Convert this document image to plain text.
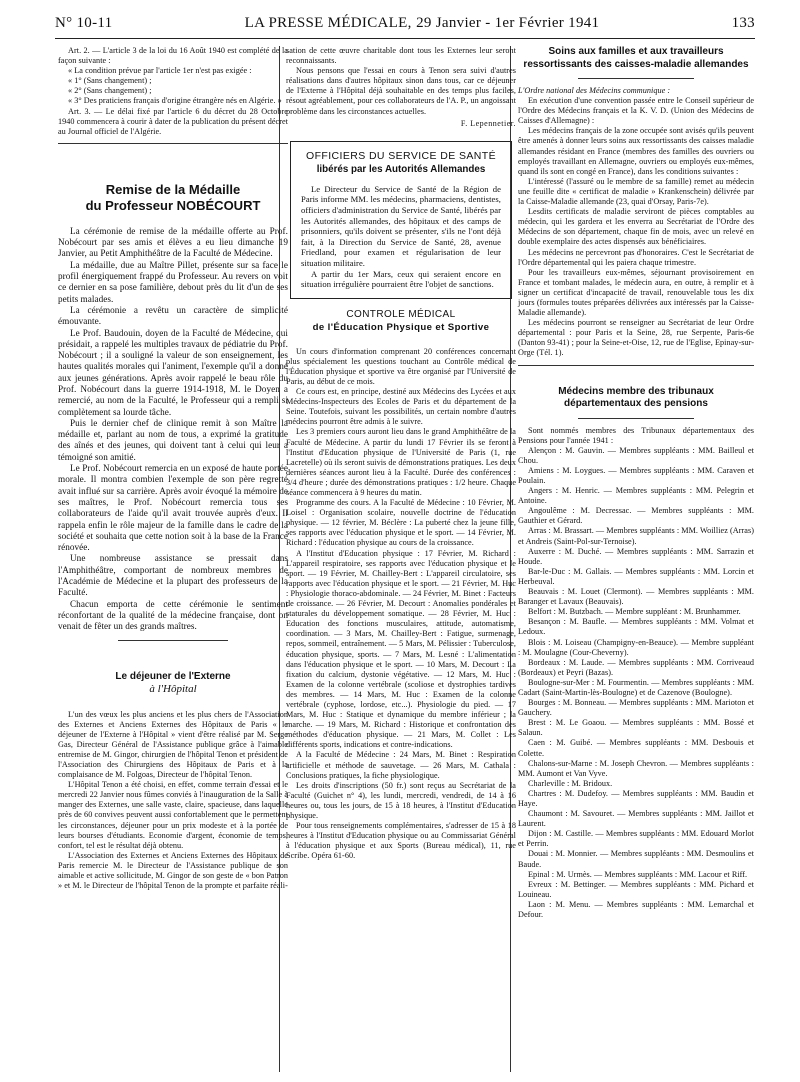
N° 10-11	LA PRESSE MÉDICALE, 29 Janvier - 1er Février 1941	133

Art. 2. — L'article 3 de la loi du 16 Août 1940 est complété de la façon suivante :

« La condition prévue par l'article 1er n'est pas exigée :

« 1° (Sans changement) ;

« 2° (Sans changement) ;

« 3° Des praticiens français d'origine étrangère nés en Algérie. »

Art. 3. — Le délai fixé par l'article 6 du décret du 28 Octobre 1940 commencera à courir à dater de la publication du présent décret au Journal officiel de l'Algérie.

Remise de la Médaille
du Professeur NOBÉCOURT

La cérémonie de remise de la médaille offerte au Prof. Nobécourt par ses amis et élèves a eu lieu dimanche 19 Janvier, au Petit Amphithéâtre de la Faculté de Médecine.

La médaille, due au Maître Pillet, présente sur sa face le profil énergiquement frappé du Professeur. Au revers on voit ce dernier en sa pose familière, debout près du lit d'un de ses petits malades.

La cérémonie a revêtu un caractère de simplicité émouvante.

Le Prof. Baudouin, doyen de la Faculté de Médecine, qui présidait, a rappelé les multiples travaux de pédiatrie du Prof. Nobécourt ; il a souligné la valeur de son enseignement, les hautes qualités morales qui l'animent, l'exemple qu'il a donné aux jeunes générations. Après avoir rappelé le beau rôle du Prof. Nobécourt dans la guerre 1914-1918, M. le Doyen a remercié, au nom de la Faculté, le Professeur qui a rempli si complètement sa lourde tâche.

Puis le dernier chef de clinique remit à son Maître la médaille et, parlant au nom de tous, a exprimé la gratitude des aînés et des jeunes, qui doivent tant à celui qui leur a témoigné son amitié.

Le Prof. Nobécourt remercia en un exposé de haute portée morale. Il montra combien l'exemple de son père regretté avait influé sur sa carrière. Après avoir évoqué la mémoire de ses maîtres, le Prof. Nobécourt remercia tous ses collaborateurs de l'aide qu'il avait trouvée auprès d'eux. Il rappela enfin le rôle majeur de la famille dans le cadre de la société et souhaita que cette notion soit à la base de la France rénovée.

Une nombreuse assistance se pressait dans l'Amphithéâtre, comportant de nombreux membres de l'Académie de Médecine et la plupart des professeurs de la Faculté.

Chacun emporta de cette cérémonie le sentiment réconfortant de la qualité de la médecine française, dont on venait de fêter un des grands maîtres.

Le déjeuner de l'Externe
à l'Hôpital

L'un des vœux les plus anciens et les plus chers de l'Association des Externes et Anciens Externes des Hôpitaux de Paris « le déjeuner de l'Externe à l'Hôpital » vient d'être réalisé par M. Serge Gas, Directeur Général de l'Assistance publique grâce à l'aimable entremise de M. Gingor, chirurgien de l'hôpital Tenon et président de l'Association des Chirurgiens des Hôpitaux de Paris et à la complaisance de M. Folgoas, Directeur de l'hôpital Tenon.

L'Hôpital Tenon a été choisi, en effet, comme terrain d'essai et le mercredi 22 Janvier nous fûmes conviés à l'inauguration de la Salle à manger des Externes, une salle vaste, claire, spacieuse, dans laquelle près de 60 convives peuvent aussi confortablement que le permettent les circonstances, déjeuner pour un prix modeste et à la portée de leurs bourses d'étudiants. Economie d'argent, économie de temps, confort, tel est le résultat déjà obtenu.

L'Association des Externes et Anciens Externes des Hôpitaux de Paris remercie M. le Directeur de l'Assistance publique de son aimable et active sollicitude, M. Gingor de son geste de « bon Patron » et M. le Directeur de l'hôpital Tenon de la prompte et parfaite réali-

sation de cette œuvre charitable dont tous les Externes leur seront reconnaissants.

Nous pensons que l'essai en cours à Tenon sera suivi d'autres réalisations dans d'autres hôpitaux sinon dans tous, car ce déjeuner de l'Externe à l'Hôpital déjà souhaitable en des temps plus faciles, résout agréablement, pour ces collaborateurs de l'A. P., un angoissant problème dans les circonstances actuelles.

F. Lepennetier.

OFFICIERS DU SERVICE DE SANTÉ
libérés par les Autorités Allemandes

Le Directeur du Service de Santé de la Région de Paris informe MM. les médecins, pharmaciens, dentistes, officiers d'administration du Service de Santé, libérés par les Autorités allemandes, des hôpitaux et des camps de prisonniers, qu'ils doivent se présenter, s'ils ne l'ont déjà fait, à la Direction du Service de Santé, 28, avenue Friedland, pour examen et régularisation de leur situation militaire.

A partir du 1er Mars, ceux qui seraient encore en situation irrégulière pourraient être l'objet de sanctions.

CONTROLE MÉDICAL
de l'Éducation Physique et Sportive

Un cours d'information comprenant 20 conférences concernant plus spécialement les questions touchant au Contrôle médical de l'Éducation physique et sportive va être organisé par l'Université de Paris, au début de ce mois.

Ce cours est, en principe, destiné aux Médecins des Lycées et aux Médecins-Inspecteurs des Ecoles de Paris et du département de la Seine. Toutefois, suivant les possibilités, un certain nombre d'autres médecins pourront être admis à le suivre.

Les 3 premiers cours auront lieu dans le grand Amphithéâtre de la Faculté de Médecine. A partir du lundi 17 Février ils se feront à l'Institut d'Education physique de l'Université de Paris (1, rue Lacretelle) où ils seront suivis de démonstrations pratiques. Les deux dernières séances auront lieu à la Faculté. Durée des conférences : 3/4 d'heure ; durée des démonstrations pratiques : 1/2 heure. Chaque séance commencera à 9 heures du matin.

Programme des cours. A la Faculté de Médecine : 10 Février, M. Loisel : Organisation scolaire, nouvelle doctrine de l'éducation physique. — 12 février, M. Béclère : La puberté chez la jeune fille, ses rapports avec l'éducation physique et le sport. — 14 Février, M. Richard : l'éducation physique au cours de la croissance.

A l'Institut d'Education physique : 17 Février, M. Richard : L'appareil respiratoire, ses rapports avec l'éducation physique et le sport. — 19 Février, M. Chailley-Bert : L'appareil circulatoire, ses rapports avec l'éducation physique et le sport. — 21 Février, M. Huc : Physiologie thoraco-abdominale. — 24 Février, M. Binet : Facteurs de croissance. — 26 Février, M. Decourt : Anomalies pondérales et staturales du développement somatique. — 28 Février, M. Huc : Education des fonctions musculaires, attitude, automatisme, coordination. — 3 Mars, M. Chailley-Bert : Fatigue, surmenage, repos, sommeil, entraînement. — 5 Mars, M. Pélissier : Tuberculose, éducation physique, sports. — 7 Mars, M. Lesné : L'alimentation dans l'éducation physique et le sport. — 10 Mars, M. Decourt : La fixation du calcium, dystonie végétative. — 12 Mars, M. Huc : Examen de la colonne vertébrale (scoliose et dystrophies tardives des membres. — 14 Mars, M. Huc : Examen de la colonne vertébrale (cyphose, lordose, etc...). Physiologie du pied. — 17 Mars, M. Huc : Statique et dynamique du membre inférieur ; la marche. — 19 Mars, M. Richard : Historique et confrontation des méthodes d'éducation physique. — 21 Mars, M. Collet : Les différents sports, indications et contre-indications.

A la Faculté de Médecine : 24 Mars, M. Binet : Respiration artificielle et méthode de sauvetage. — 26 Mars, M. Cathala : Conclusions pratiques, la fiche physiologique.

Les droits d'inscriptions (50 fr.) sont reçus au Secrétariat de la Faculté (Guichet n° 4), les lundi, mercredi, vendredi, de 14 à 16 heures ou, tous les jours, de 15 à 18 heures, à l'Institut d'Education physique.

Pour tous renseignements complémentaires, s'adresser de 15 à 18 heures à l'Institut d'Education physique ou au Commissariat Général à l'éducation physique et aux Sports (Bureau médical), 11, rue Scribe. Opéra 61-60.

Soins aux familles et aux travailleurs
ressortissants des caisses-maladie allemandes

L'Ordre national des Médecins communique :

En exécution d'une convention passée entre le Conseil supérieur de l'Ordre des Médecins français et la K. V. D. (Union des Médecins de Caisses d'Allemagne) :

Les médecins français de la zone occupée sont avisés qu'ils peuvent être amenés à donner leurs soins aux ressortissants des caisses maladie allemandes résidant en France (membres des familles des ouvriers ou employés travaillant en Allemagne, ouvriers ou employés eux-mêmes, quand ils sont en congé en France), dans les conditions suivantes :

L'intéressé (l'assuré ou le membre de sa famille) remet au médecin une feuille dite « certificat de maladie » Krankenschein) délivrée par la Caisse-Maladie allemande (23, quai d'Orsay, Paris-7e).

Lesdits certificats de maladie serviront de pièces comptables au médecin, qui les gardera et les enverra au Secrétariat de l'Ordre des Médecins de son département, chaque fin de mois, avec un relevé en double exemplaire des actes dispensés aux bénéficiaires.

Les médecins ne percevront pas d'honoraires. C'est le Secrétariat de l'Ordre départemental qui les paiera chaque trimestre.

Pour les travailleurs eux-mêmes, séjournant provisoirement en France et tombant malades, le médecin aura, en outre, à remplir et à signer un certificat d'incapacité de travail, renouvelable tous les dix jours (formules toutes préparées délivrées aux intéressés par la Caisse-Maladie allemande).

Les médecins pourront se renseigner au Secrétariat de leur Ordre départemental : pour Paris et la Seine, 28, rue Serpente, Paris-6e (Danton 93-41) ; pour la Seine-et-Oise, 12, rue de l'Eglise, Epinay-sur-Orge (Tél. 1).

Médecins membre des tribunaux
départementaux des pensions

Sont nommés membres des Tribunaux départementaux des Pensions pour l'année 1941 :

Alençon : M. Gauvin. — Membres suppléants : MM. Bailleul et Chou.

Amiens : M. Loygues. — Membres suppléants : MM. Caraven et Poulain.

Angers : M. Henric. — Membres suppléants : MM. Pelegrin et Antoine.

Angoulême : M. Decressac. — Membres suppléants : MM. Gauthier et Gérard.

Arras : M. Brassart. — Membres suppléants : MM. Woilliez (Arras) et Andreis (Saint-Pol-sur-Ternoise).

Auxerre : M. Duché. — Membres suppléants : MM. Sarrazin et Houde.

Bar-le-Duc : M. Gallais. — Membres suppléants : MM. Lorcin et Herbeuval.

Beauvais : M. Louet (Clermont). — Membres suppléants : MM. Baranger et Lavaux (Beauvais).

Belfort : M. Butzbach. — Membre suppléant : M. Brunhammer.

Besançon : M. Baufle. — Membres suppléants : MM. Volmat et Ledoux.

Blois : M. Loiseau (Champigny-en-Beauce). — Membre suppléant : M. Moulagne (Cour-Cheverny).

Bordeaux : M. Laude. — Membres suppléants : MM. Corriveaud (Bordeaux) et Peyri (Bazas).

Boulogne-sur-Mer : M. Fourmentin. — Membres suppléants : MM. Cadart (Saint-Martin-lès-Boulogne) et de Cazenove (Boulogne).

Bourges : M. Bonneau. — Membres suppléants : MM. Marioton et Gauchery.

Brest : M. Le Goaou. — Membres suppléants : MM. Bossé et Salaun.

Caen : M. Guibé. — Membres suppléants : MM. Desbouis et Colette.

Chalons-sur-Marne : M. Joseph Chevron. — Membres suppléants : MM. Aumont et Van Vyve.

Charleville : M. Bridoux.

Chartres : M. Dudefoy. — Membres suppléants : MM. Baudin et Haye.

Chaumont : M. Savouret. — Membres suppléants : MM. Jaillot et Laurent.

Dijon : M. Castille. — Membres suppléants : MM. Edouard Morlot et Perrin.

Douai : M. Monnier. — Membres suppléants : MM. Desmoulins et Baude.

Epinal : M. Urmès. — Membres suppléants : MM. Lacour et Riff.

Evreux : M. Bettinger. — Membres suppléants : MM. Pichard et Louineau.

Laon : M. Menu. — Membres suppléants : MM. Lemarchal et Defour.
